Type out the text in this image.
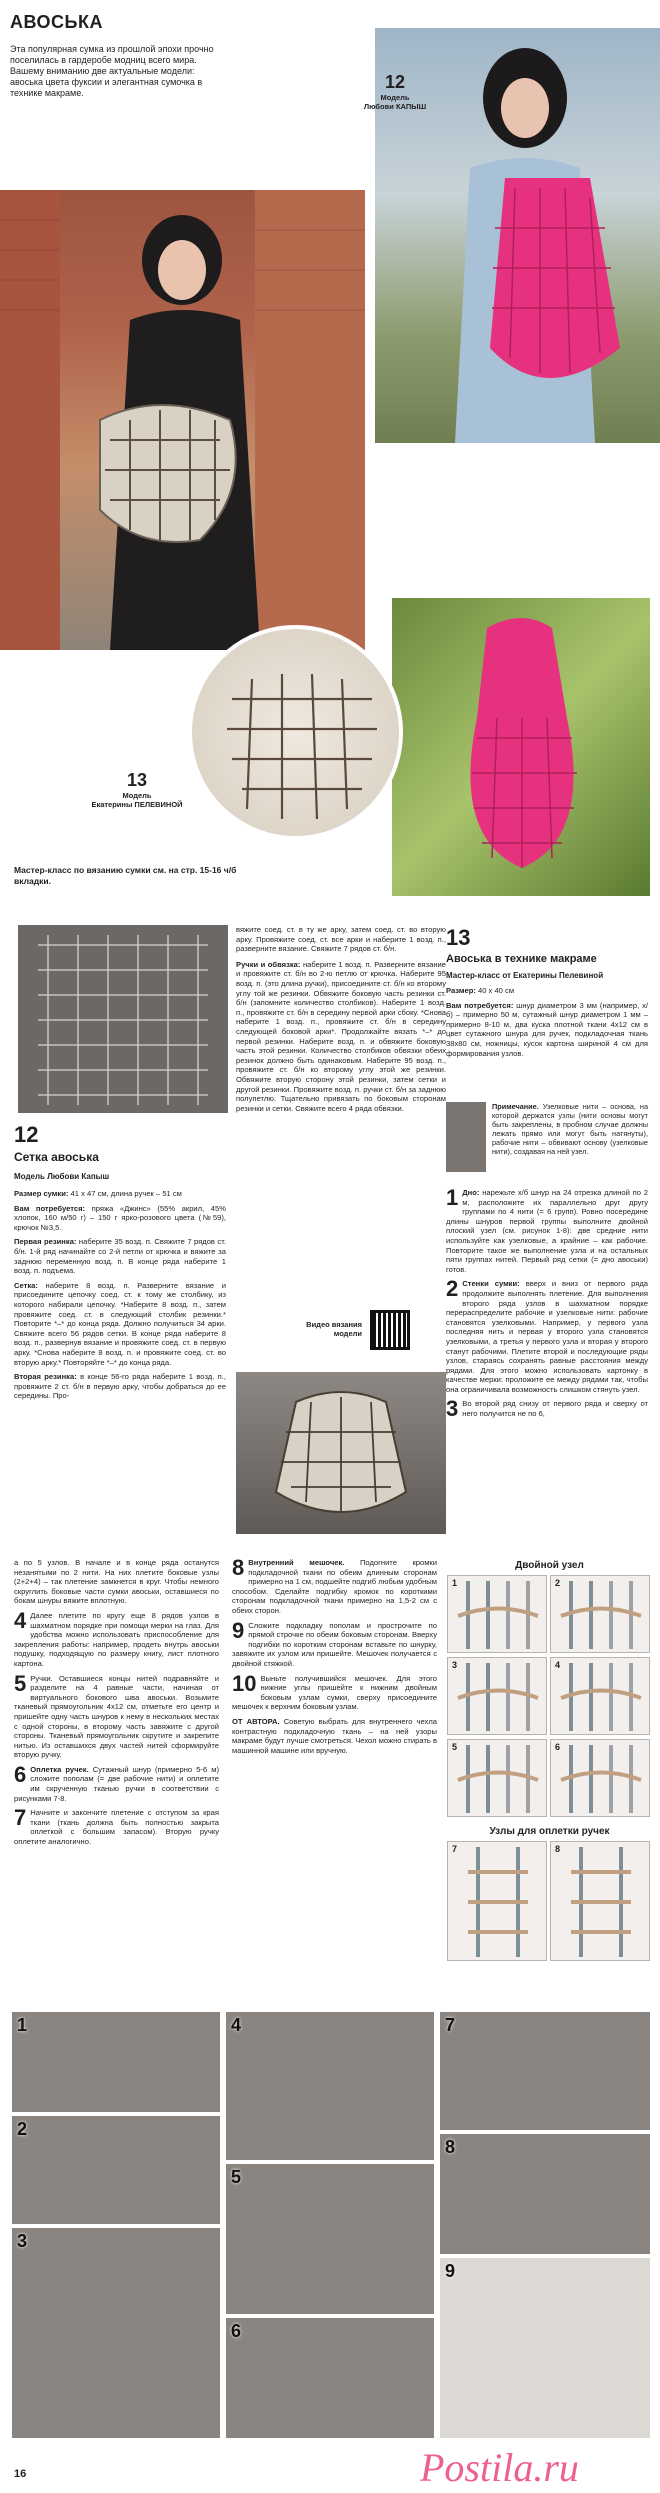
АВОСЬКА
Эта популярная сумка из прошлой эпохи прочно поселилась в гардеробе модниц всего мира. Вашему вниманию две актуальные модели: авоська цвета фуксии и элегантная сумочка в технике макраме.
12
Модель
Любови КАПЫШ
13
Модель
Екатерины ПЕЛЕВИНОЙ
Мастер-класс по вязанию сумки см. на стр. 15-16 ч/б вкладки.
12
Сетка авоська
Модель Любови Капыш

Размер сумки: 41 х 47 см, длина ручек – 51 см

Вам потребуется: пряжа «Джинс» (55% акрил, 45% хлопок, 160 м/50 г) – 150 г ярко-розового цвета (№59), крючок №3,5.

Первая резинка: наберите 35 возд. п. Свяжите 7 рядов ст. б/н. 1-й ряд начинайте со 2-й петли от крючка и вяжите за заднюю переменную возд. п. В конце ряда наберите 1 возд. п. подъема.

Сетка: наберите 8 возд. п. Разверните вязание и присоедините цепочку соед. ст. к тому же столбику, из которого набирали цепочку. *Наберите 8 возд. п., затем провяжите соед. ст. в следующий столбик резинки.* Повторите *–* до конца ряда. Должно получиться 34 арки. Свяжите всего 56 рядов сетки. В конце ряда наберите 8 возд. п., развернув вязание и провяжите соед. ст. в первую арку. *Снова наберите 8 возд. п. и провяжите соед. ст. во вторую арку.* Повторяйте *–* до конца ряда.

Вторая резинка: в конце 56-го ряда наберите 1 возд. п., провяжите 2 ст. б/н в первую арку, чтобы добраться до ее середины. Про-

вяжите соед. ст. в ту же арку, затем соед. ст. во вторую арку. Провяжите соед. ст. все арки и наберите 1 возд. п., разверните вязание. Свяжите 7 рядов ст. б/н.

Ручки и обвязка: наберите 1 возд. п. Разверните вязание и провяжите ст. б/н во 2-ю петлю от крючка. Наберите 95 возд. п. (это длина ручки), присоедините ст. б/н ко второму углу той же резинки. Обвяжите боковую часть резинки ст. б/н (запомните количество столбиков). Наберите 1 возд. п., провяжите ст. б/н в середину первой арки сбоку. *Снова наберите 1 возд. п., провяжите ст. б/н в середину следующей боковой арки*. Продолжайте вязать *–* до первой резинки. Наберите возд. п. и обвяжите боковую часть этой резинки. Количество столбиков обвязки обеих резинок должно быть одинаковым. Наберите 95 возд. п., провяжите ст. б/н ко второму углу этой же резинки. Обвяжите вторую сторону этой резинки, затем сетки и другой резинки. Провяжите возд. п. ручки ст. б/н за заднюю полупетлю. Тщательно привязать по боковым сторонам резинки и сетки. Свяжите всего 4 ряда обвязки.

Видео вязания модели
13
Авоська в технике макраме
Мастер-класс от Екатерины Пелевиной

Размер: 40 х 40 см

Вам потребуется: шнур диаметром 3 мм (например, х/б) – примерно 50 м, сутажный шнур диаметром 1 мм – примерно 8-10 м, два куска плотной ткани 4х12 см в цвет сутажного шнура для ручек, подкладочная ткань 38х80 см, ножницы, кусок картона шириной 4 см для формирования узлов.

Примечание. Узелковые нити – основа, на которой держатся узлы (нити основы могут быть закреплены, в пробном случае должны лежать прямо или могут быть натянуты), рабочие нити – обвивают основу (узелковые нити), создавая на ней узел.

1 Дно: нарежьте х/б шнур на 24 отрезка длиной по 2 м, расположите их параллельно друг другу группами по 4 нити (= 6 групп). Ровно посередине длины шнуров первой группы выполните двойной плоский узел (см. рисунок 1-8): две средние нити используйте как узелковые, а крайние – как рабочие. Повторите такое же выполнение узла и на остальных пяти группах нитей. Первый ряд сетки (= дно авоськи) готов.
2 Стенки сумки: вверх и вниз от первого ряда продолжите выполнять плетение. Для выполнения второго ряда узлов в шахматном порядке перераспределите рабочие и узелковые нити: рабочие становятся узелковыми. Например, у первого узла последняя нить и первая у второго узла становятся узелковыми, а третья у первого узла и вторая у второго станут рабочими. Плетите второй и последующие ряды узлов, стараясь сохранять равные расстояния между рядами. Для этого можно использовать картонку в качестве мерки: проложите ее между рядами так, чтобы она ограничивала возможность слишком стянуть узел.
3 Во второй ряд снизу от первого ряда и сверху от него получится не по 6,
а по 5 узлов. В начале и в конце ряда останутся незанятыми по 2 нити. На них плетите боковые узлы (2+2+4) – так плетение замкнется в круг. Чтобы немного скруглить боковые части сумки авоськи, оставшиеся по бокам шнуры вяжите вплотную.
4 Далее плетите по кругу еще 8 рядов узлов в шахматном порядке при помощи мерки на глаз. Для удобства можно использовать приспособление для закрепления работы: например, продеть внутрь авоськи подушку, подходящую по размеру книгу, лист плотного картона.
5 Ручки. Оставшиеся концы нитей подравняйте и разделите на 4 равные части, начиная от виртуального бокового шва авоськи. Возьмите тканевый прямоугольник 4х12 см, отметьте его центр и пришейте одну часть шнуров к нему в нескольких местах с одной стороны, в второму часть завяжите с другой стороны. Тканевый прямоугольник скрутите и закрепите нитью. Из оставшихся двух частей нитей сформируйте вторую ручку.
6 Оплетка ручек. Сутажный шнур (примерно 5-6 м) сложите пополам (= две рабочие нити) и оплетите им скрученную тканью ручки в соответствии с рисунками 7-8.
7 Начните и закончите плетение с отступом за края ткани (ткань должна быть полностью закрыта оплеткой с большим запасом). Вторую ручку оплетите аналогично.
8 Внутренний мешочек. Подогните кромки подкладочной ткани по обеим длинным сторонам примерно на 1 см, подшейте подгиб любым удобным способом. Сделайте подгибку кромок по короткими сторонам подкладочной ткани примерно на 1,5-2 см с обеих сторон.
9 Сложите подкладку пополам и прострочите по прямой строчке по обеим боковым сторонам. Вверху подгибки по коротким сторонам вставьте по шнурку, завяжите их узлом или пришейте. Мешочек получается с двойной стяжкой.
10 Выньте получившийся мешочек. Для этого нижние углы пришейте к нижним двойным боковым узлам сумки, сверху присоедините мешочек к верхним боковым узлам.
ОТ АВТОРА. Советую выбрать для внутреннего чехла контрастную подкладочную ткань – на ней узоры макраме будут лучше смотреться. Чехол можно стирать в машинной машине или вручную.
Двойной узел
1	2
3	4
5	6
Узлы для оплетки ручек
7	8
1
2
3
4
5
6
7
8
9
16	Postila.ru
